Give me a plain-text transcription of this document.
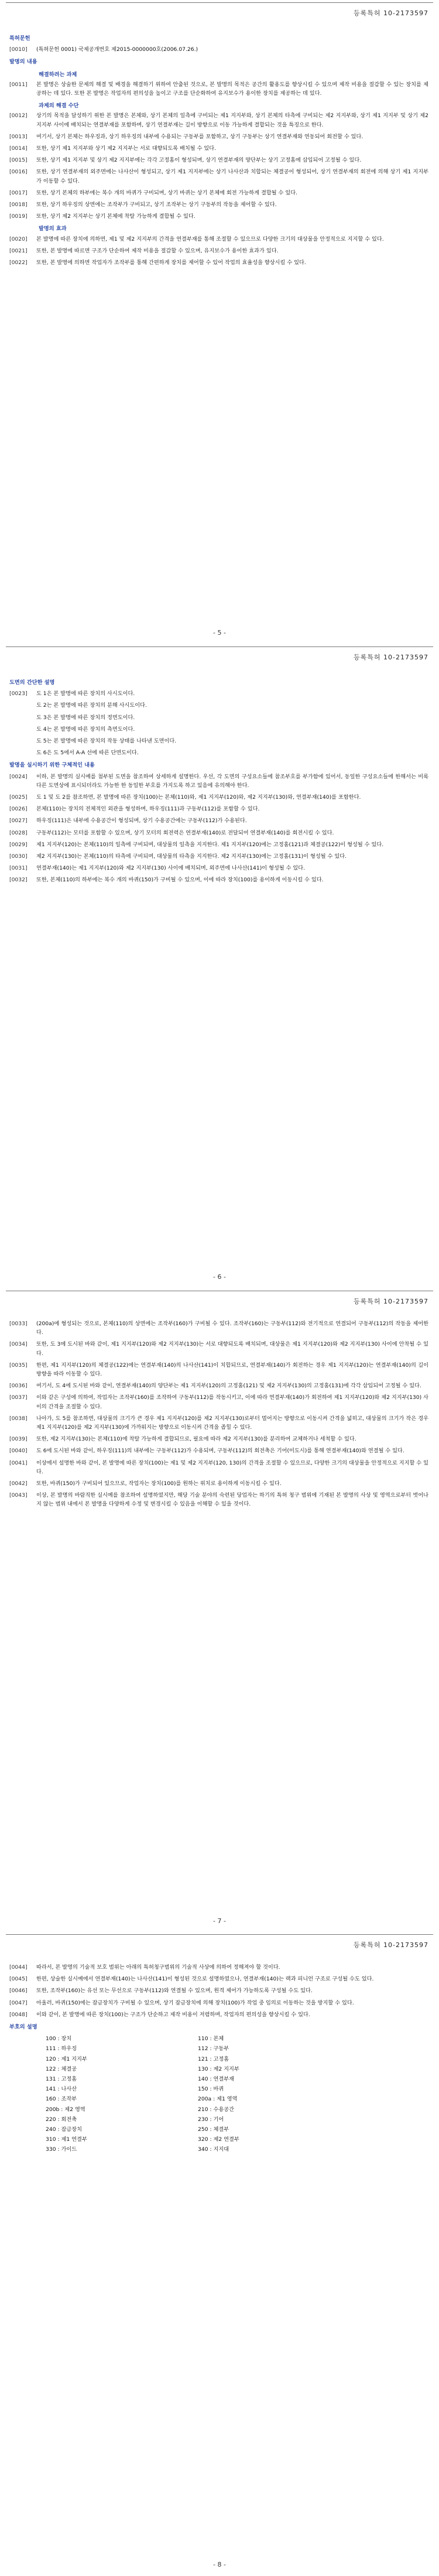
등록특허 10-2173597
특허문헌
[0010]	(특허문헌 0001) 국제공개번호 제2015-0000000호(2006.07.26.)
발명의 내용
해결하려는 과제
[0011]	본 발명은 상술한 문제의 해결 및 배경을 해결하기 위하여 안출된 것으로, 본 발명의 목적은 공간의 활용도를 향상시킬 수 있으며 제작 비용을 절감할 수 있는 장치를 제공하는 데 있다. 또한 본 발명은 작업자의 편의성을 높이고 구조를 단순화하여 유지보수가 용이한 장치를 제공하는 데 있다.
과제의 해결 수단
[0012]	상기의 목적을 달성하기 위한 본 발명은 본체와, 상기 본체의 일측에 구비되는 제1 지지부와, 상기 본체의 타측에 구비되는 제2 지지부와, 상기 제1 지지부 및 상기 제2 지지부 사이에 배치되는 연결부재를 포함하며, 상기 연결부재는 길이 방향으로 이동 가능하게 결합되는 것을 특징으로 한다.
[0013]	여기서, 상기 본체는 하우징과, 상기 하우징의 내부에 수용되는 구동부를 포함하고, 상기 구동부는 상기 연결부재와 연동되어 회전할 수 있다.
[0014]	또한, 상기 제1 지지부와 상기 제2 지지부는 서로 대향되도록 배치될 수 있다.
[0015]	또한, 상기 제1 지지부 및 상기 제2 지지부에는 각각 고정홈이 형성되며, 상기 연결부재의 양단부는 상기 고정홈에 삽입되어 고정될 수 있다.
[0016]	또한, 상기 연결부재의 외주면에는 나사산이 형성되고, 상기 제1 지지부에는 상기 나사산과 치합되는 체결공이 형성되어, 상기 연결부재의 회전에 의해 상기 제1 지지부가 이동할 수 있다.
[0017]	또한, 상기 본체의 하부에는 복수 개의 바퀴가 구비되며, 상기 바퀴는 상기 본체에 회전 가능하게 결합될 수 있다.
[0018]	또한, 상기 하우징의 상면에는 조작부가 구비되고, 상기 조작부는 상기 구동부의 작동을 제어할 수 있다.
[0019]	또한, 상기 제2 지지부는 상기 본체에 착탈 가능하게 결합될 수 있다.
발명의 효과
[0020]	본 발명에 따른 장치에 의하면, 제1 및 제2 지지부의 간격을 연결부재를 통해 조절할 수 있으므로 다양한 크기의 대상물을 안정적으로 지지할 수 있다.
[0021]	또한, 본 발명에 따르면 구조가 단순하여 제작 비용을 절감할 수 있으며, 유지보수가 용이한 효과가 있다.
[0022]	또한, 본 발명에 의하면 작업자가 조작부를 통해 간편하게 장치를 제어할 수 있어 작업의 효율성을 향상시킬 수 있다.
- 5 -
등록특허 10-2173597
도면의 간단한 설명
[0023]	도 1은 본 발명에 따른 장치의 사시도이다.
도 2는 본 발명에 따른 장치의 분해 사시도이다.
도 3은 본 발명에 따른 장치의 정면도이다.
도 4는 본 발명에 따른 장치의 측면도이다.
도 5는 본 발명에 따른 장치의 작동 상태를 나타낸 도면이다.
도 6은 도 5에서 A-A 선에 따른 단면도이다.
발명을 실시하기 위한 구체적인 내용
[0024]	이하, 본 발명의 실시예를 첨부된 도면을 참조하여 상세하게 설명한다. 우선, 각 도면의 구성요소들에 참조부호를 부가함에 있어서, 동일한 구성요소들에 한해서는 비록 다른 도면상에 표시되더라도 가능한 한 동일한 부호를 가지도록 하고 있음에 유의해야 한다.
[0025]	도 1 및 도 2를 참조하면, 본 발명에 따른 장치(100)는 본체(110)와, 제1 지지부(120)와, 제2 지지부(130)와, 연결부재(140)를 포함한다.
[0026]	본체(110)는 장치의 전체적인 외관을 형성하며, 하우징(111)과 구동부(112)를 포함할 수 있다.
[0027]	하우징(111)은 내부에 수용공간이 형성되며, 상기 수용공간에는 구동부(112)가 수용된다.
[0028]	구동부(112)는 모터를 포함할 수 있으며, 상기 모터의 회전력은 연결부재(140)로 전달되어 연결부재(140)를 회전시킬 수 있다.
[0029]	제1 지지부(120)는 본체(110)의 일측에 구비되며, 대상물의 일측을 지지한다. 제1 지지부(120)에는 고정홈(121)과 체결공(122)이 형성될 수 있다.
[0030]	제2 지지부(130)는 본체(110)의 타측에 구비되며, 대상물의 타측을 지지한다. 제2 지지부(130)에는 고정홈(131)이 형성될 수 있다.
[0031]	연결부재(140)는 제1 지지부(120)와 제2 지지부(130) 사이에 배치되며, 외주면에 나사산(141)이 형성될 수 있다.
[0032]	또한, 본체(110)의 하부에는 복수 개의 바퀴(150)가 구비될 수 있으며, 이에 따라 장치(100)를 용이하게 이동시킬 수 있다.
- 6 -
등록특허 10-2173597
[0033]	(200a)에 형성되는 것으로, 본체(110)의 상면에는 조작부(160)가 구비될 수 있다. 조작부(160)는 구동부(112)와 전기적으로 연결되어 구동부(112)의 작동을 제어한다.
[0034]	또한, 도 3에 도시된 바와 같이, 제1 지지부(120)와 제2 지지부(130)는 서로 대향되도록 배치되며, 대상물은 제1 지지부(120)와 제2 지지부(130) 사이에 안착될 수 있다.
[0035]	한편, 제1 지지부(120)의 체결공(122)에는 연결부재(140)의 나사산(141)이 치합되므로, 연결부재(140)가 회전하는 경우 제1 지지부(120)는 연결부재(140)의 길이 방향을 따라 이동할 수 있다.
[0036]	여기서, 도 4에 도시된 바와 같이, 연결부재(140)의 양단부는 제1 지지부(120)의 고정홈(121) 및 제2 지지부(130)의 고정홈(131)에 각각 삽입되어 고정될 수 있다.
[0037]	이와 같은 구성에 의하여, 작업자는 조작부(160)를 조작하여 구동부(112)를 작동시키고, 이에 따라 연결부재(140)가 회전하여 제1 지지부(120)와 제2 지지부(130) 사이의 간격을 조절할 수 있다.
[0038]	나아가, 도 5를 참조하면, 대상물의 크기가 큰 경우 제1 지지부(120)를 제2 지지부(130)로부터 멀어지는 방향으로 이동시켜 간격을 넓히고, 대상물의 크기가 작은 경우 제1 지지부(120)를 제2 지지부(130)에 가까워지는 방향으로 이동시켜 간격을 좁힐 수 있다.
[0039]	또한, 제2 지지부(130)는 본체(110)에 착탈 가능하게 결합되므로, 필요에 따라 제2 지지부(130)를 분리하여 교체하거나 세척할 수 있다.
[0040]	도 6에 도시된 바와 같이, 하우징(111)의 내부에는 구동부(112)가 수용되며, 구동부(112)의 회전축은 기어(미도시)를 통해 연결부재(140)와 연결될 수 있다.
[0041]	이상에서 설명한 바와 같이, 본 발명에 따른 장치(100)는 제1 및 제2 지지부(120, 130)의 간격을 조절할 수 있으므로, 다양한 크기의 대상물을 안정적으로 지지할 수 있다.
[0042]	또한, 바퀴(150)가 구비되어 있으므로, 작업자는 장치(100)를 원하는 위치로 용이하게 이동시킬 수 있다.
[0043]	이상, 본 발명의 바람직한 실시예를 참조하여 설명하였지만, 해당 기술 분야의 숙련된 당업자는 하기의 특허 청구 범위에 기재된 본 발명의 사상 및 영역으로부터 벗어나지 않는 범위 내에서 본 발명을 다양하게 수정 및 변경시킬 수 있음을 이해할 수 있을 것이다.
- 7 -
등록특허 10-2173597
[0044]	따라서, 본 발명의 기술적 보호 범위는 아래의 특허청구범위의 기술적 사상에 의하여 정해져야 할 것이다.
[0045]	한편, 상술한 실시예에서 연결부재(140)는 나사산(141)이 형성된 것으로 설명하였으나, 연결부재(140)는 랙과 피니언 구조로 구성될 수도 있다.
[0046]	또한, 조작부(160)는 유선 또는 무선으로 구동부(112)와 연결될 수 있으며, 원격 제어가 가능하도록 구성될 수도 있다.
[0047]	아울러, 바퀴(150)에는 잠금장치가 구비될 수 있으며, 상기 잠금장치에 의해 장치(100)가 작업 중 임의로 이동하는 것을 방지할 수 있다.
[0048]	이와 같이, 본 발명에 따른 장치(100)는 구조가 단순하고 제작 비용이 저렴하며, 작업자의 편의성을 향상시킬 수 있다.
부호의 설명
100 : 장치	110 : 본체
111 : 하우징	112 : 구동부
120 : 제1 지지부	121 : 고정홈
122 : 체결공	130 : 제2 지지부
131 : 고정홈	140 : 연결부재
141 : 나사산	150 : 바퀴
160 : 조작부	200a : 제1 영역
200b : 제2 영역	210 : 수용공간
220 : 회전축	230 : 기어
240 : 잠금장치	250 : 체결부
310 : 제1 연결부	320 : 제2 연결부
330 : 가이드	340 : 지지대
- 8 -
